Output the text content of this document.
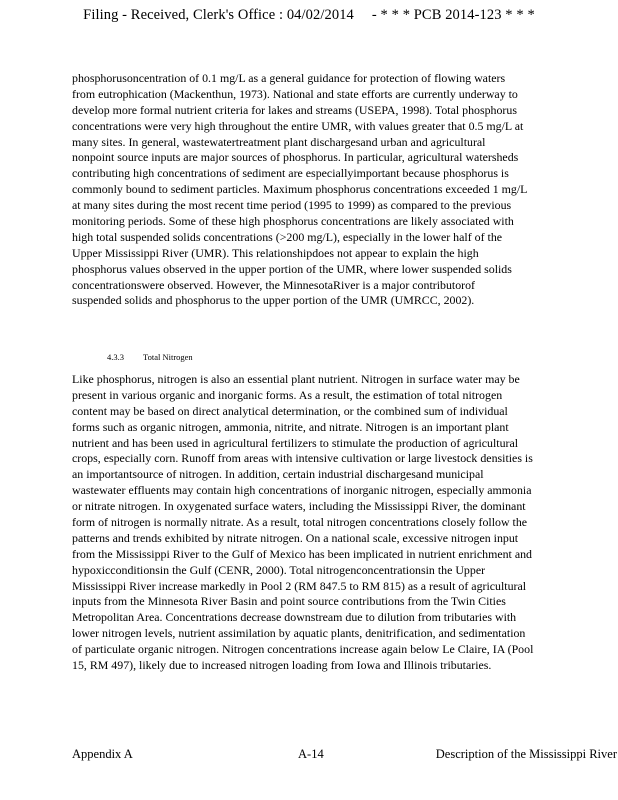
Filing - Received, Clerk's Office : 04/02/2014 - * * * PCB 2014-123 * * *
phosphorusoncentration of 0.1 mg/L as a general guidance for protection of flowing waters
from eutrophication (Mackenthun, 1973). National and state efforts are currently underway to
develop more formal nutrient criteria for lakes and streams (USEPA, 1998). Total phosphorus
concentrations were very high throughout the entire UMR, with values greater that 0.5 mg/L at
many sites. In general, wastewatertreatment plant dischargesand urban and agricultural
nonpoint source inputs are major sources of phosphorus. In particular, agricultural watersheds
contributing high concentrations of sediment are especiallyimportant because phosphorus is
commonly bound to sediment particles. Maximum phosphorus concentrations exceeded 1 mg/L
at many sites during the most recent time period (1995 to 1999) as compared to the previous
monitoring periods. Some of these high phosphorus concentrations are likely associated with
high total suspended solids concentrations (>200 mg/L), especially in the lower half of the
Upper Mississippi River (UMR). This relationshipdoes not appear to explain the high
phosphorus values observed in the upper portion of the UMR, where lower suspended solids
concentrationswere observed. However, the MinnesotaRiver is a major contributorof
suspended solids and phosphorus to the upper portion of the UMR (UMRCC, 2002).
4.3.3 Total Nitrogen
Like phosphorus, nitrogen is also an essential plant nutrient. Nitrogen in surface water may be
present in various organic and inorganic forms. As a result, the estimation of total nitrogen
content may be based on direct analytical determination, or the combined sum of individual
forms such as organic nitrogen, ammonia, nitrite, and nitrate. Nitrogen is an important plant
nutrient and has been used in agricultural fertilizers to stimulate the production of agricultural
crops, especially corn. Runoff from areas with intensive cultivation or large livestock densities is
an importantsource of nitrogen. In addition, certain industrial dischargesand municipal
wastewater effluents may contain high concentrations of inorganic nitrogen, especially ammonia
or nitrate nitrogen. In oxygenated surface waters, including the Mississippi River, the dominant
form of nitrogen is normally nitrate. As a result, total nitrogen concentrations closely follow the
patterns and trends exhibited by nitrate nitrogen. On a national scale, excessive nitrogen input
from the Mississippi River to the Gulf of Mexico has been implicated in nutrient enrichment and
hypoxicconditionsin the Gulf (CENR, 2000). Total nitrogenconcentrationsin the Upper
Mississippi River increase markedly in Pool 2 (RM 847.5 to RM 815) as a result of agricultural
inputs from the Minnesota River Basin and point source contributions from the Twin Cities
Metropolitan Area. Concentrations decrease downstream due to dilution from tributaries with
lower nitrogen levels, nutrient assimilation by aquatic plants, denitrification, and sedimentation
of particulate organic nitrogen. Nitrogen concentrations increase again below Le Claire, IA (Pool
15, RM 497), likely due to increased nitrogen loading from Iowa and Illinois tributaries.
Appendix A	A-14	Description of the Mississippi River
